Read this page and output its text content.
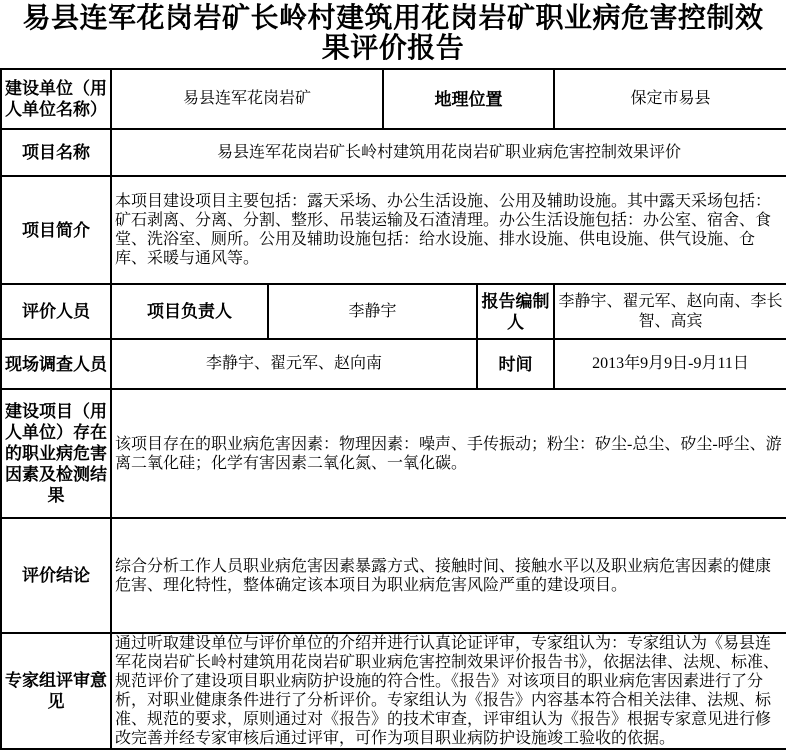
易县连军花岗岩矿长岭村建筑用花岗岩矿职业病危害控制效果评价报告
建设单位（用人单位名称）	易县连军花岗岩矿		地理位置		保定市易县
项目名称	易县连军花岗岩矿长岭村建筑用花岗岩矿职业病危害控制效果评价				
项目简介	本项目建设项目主要包括：露天采场、办公生活设施、公用及辅助设施。其中露天采场包括：矿石剥离、分离、分割、整形、吊装运输及石渣清理。办公生活设施包括：办公室、宿舍、食堂、洗浴室、厕所。公用及辅助设施包括：给水设施、排水设施、供电设施、供气设施、仓库、采暖与通风等。				
评价人员	项目负责人	李静宇		报告编制人	李静宇、翟元军、赵向南、李长智、高宾
现场调查人员	李静宇、翟元军、赵向南			时间	2013年9月9日-9月11日
建设项目（用人单位）存在的职业病危害因素及检测结果	该项目存在的职业病危害因素：物理因素：噪声、手传振动；粉尘：矽尘-总尘、矽尘-呼尘、游离二氧化硅；化学有害因素二氧化氮、一氧化碳。				
评价结论	综合分析工作人员职业病危害因素暴露方式、接触时间、接触水平以及职业病危害因素的健康危害、理化特性，整体确定该本项目为职业病危害风险严重的建设项目。				
专家组评审意见	通过听取建设单位与评价单位的介绍并进行认真论证评审，专家组认为：专家组认为《易县连军花岗岩矿长岭村建筑用花岗岩矿职业病危害控制效果评价报告书》，依据法律、法规、标准、规范评价了建设项目职业病防护设施的符合性。《报告》对该项目的职业病危害因素进行了分析，对职业健康条件进行了分析评价。专家组认为《报告》内容基本符合相关法律、法规、标准、规范的要求，原则通过对《报告》的技术审查，评审组认为《报告》根据专家意见进行修改完善并经专家审核后通过评审，可作为项目职业病防护设施竣工验收的依据。				
